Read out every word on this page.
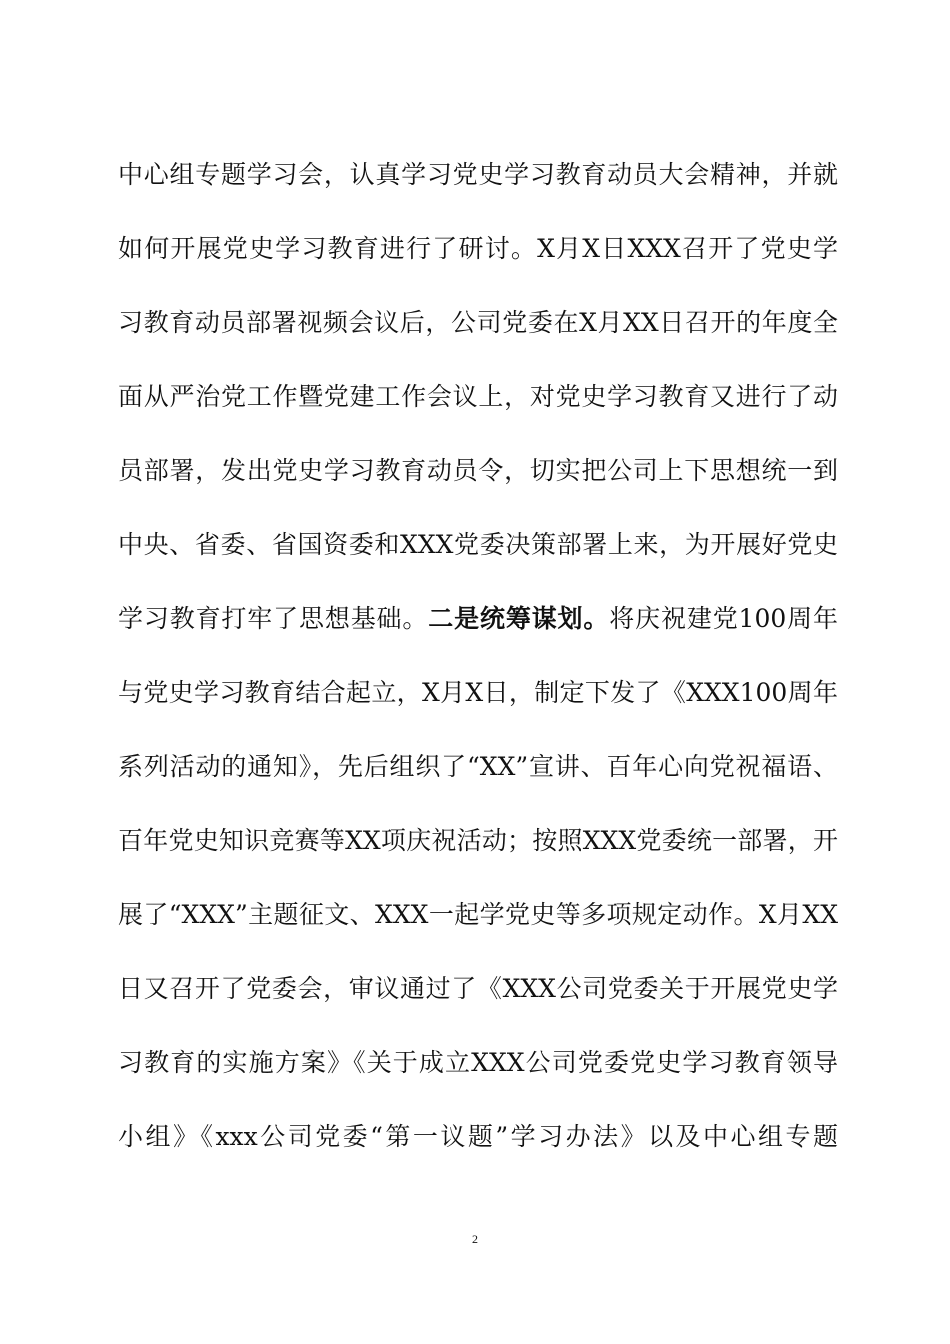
中心组专题学习会，认真学习党史学习教育动员大会精神，并就
如何开展党史学习教育进行了研讨。X月X日XXX召开了党史学
习教育动员部署视频会议后，公司党委在X月XX日召开的年度全
面从严治党工作暨党建工作会议上，对党史学习教育又进行了动
员部署，发出党史学习教育动员令，切实把公司上下思想统一到
中央、省委、省国资委和XXX党委决策部署上来，为开展好党史
学习教育打牢了思想基础。二是统筹谋划。将庆祝建党100周年
与党史学习教育结合起立，X月X日，制定下发了《XXX100周年
系列活动的通知》，先后组织了“XX”宣讲、百年心向党祝福语、
百年党史知识竞赛等XX项庆祝活动；按照XXX党委统一部署，开
展了“XXX”主题征文、XXX一起学党史等多项规定动作。X月XX
日又召开了党委会，审议通过了《XXX公司党委关于开展党史学
习教育的实施方案》《关于成立XXX公司党委党史学习教育领导
小组》《xxx公司党委“第一议题”学习办法》以及中心组专题
2
